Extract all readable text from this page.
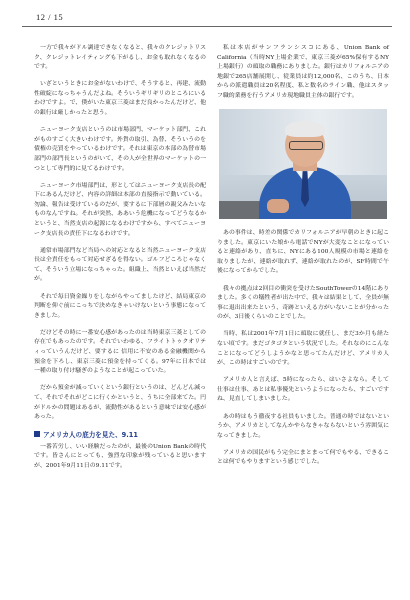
12 / 15

一方で我々がドル調達できなくなると、我々のクレジットリスク、クレジットレイティングも下がるし、お金も取れなくなるのです。

いざというときにお金がないわけで、そうすると、再建、流動性破綻になっちゃうんだよね。そういうギリギリのところにいるわけですよ。で、僕がいた東京三菱はまだ良かったんだけど、他の銀行は厳しかったと思う。

ニューヨーク支店というのは市場部門、マーケット部門、これがものすごく大きいわけです。外貨の取引、為替、そういうのを債権の売買をやっているわけです。それは東京の本部の為替市場部門の部門長というのがいて、その人が全世界のマーケットの一つとして専門的に見てるわけです。

ニューヨーク市場部門は、形としてはニューヨーク支店長の配下にあるんだけど、内容の詳細は本部の直接指示で動いている。勿論、報告は受けているのだが、要するに下部層の親父みたいなものなんですね。それが突然、ああいう危機になってどうなるかというと、当然支店の起源になるわけですから、すべてニューヨーク支店長の責任下になるわけです。

通常市場部門など当局への対応となると当然ニューヨーク支店長は全責任をもって対応せざるを得ない。ゴルフどころじゃなくて、そういう立場になっちゃった。組織上、当然といえば当然だが。

それで毎日資金繰りをしながらやってましたけど、結局東京の判断を仰ぐ前にこっちで決めなきゃいけないという事態になってきました。

だけどその時に一番安心感があったのは当時東京三菱としての存在でもあったのです。それでいわゆる、フライトトゥクオリティっていうんだけど、要するに 信用に不安のある金融機関から預金を下ろし、東京三菱に預金を持ってくる。97年に日本では一種の取り付け騒ぎのようなことが起こっていた。

だから預金が減っていくという銀行というのは、どんどん減って、それでそれがどこに行くかというと、うちに全部来てた。円がドルかの問題はあるが、流動性があるという意味では安心感があった。

アメリカ人の底力を見た、9.11

一番苦労し、いい経験だったのが、最後のUnion Bankの時代です。皆さんにとっても、強烈な印象が残っていると思いますが、2001年9月11日の9.11です。

私は本店がサンフランシスコにある、Union Bank of California（当時NY上場企業で、東京三菱が65%保有するNY上場銀行）の頭取の職務にありました。銀行はカリフォルニアの地銀で265店舗展開し、従業員は約12,000名、このうち、日本からの派遣職員は20名程度、私と数名のライン職、他はスタッフ職的業務を行うアメリカ現地職員主体の銀行です。

あの事件は、時差の関係でカリフォルニアが早朝のときに起こりました。東京にいた娘から電話でNYが大変なことになっていると連絡があり、直ちに、NYにある100人規模の市場と連絡を取りましたが、連絡が取れず、連絡が取れたのが、SF時間で午後になってからでした。

我々の拠点は2回目の衝突を受けたSouthTowerの14階にありました。多くの犠牲者が出た中で、我々は結果として、全員が無事に退出出来たという、奇跡といえる方がいないことが分かったのが、3日後くらいのことでした。

当時、私は2001年7月1日に頭取に就任し、まだ3か月も経たない頃です。まだゴタゴタという状況でした。それなのにこんなことになってどうしようかなと思ってたんだけど、アメリカ人が、この時はすごいのです。

アメリカ人と言えば、5時になったら、はいさよなら。そして仕事は仕事、あとは私事優先というようになったら、すごいですね、見直してしまいました。

あの時はもう徹夜する社員もいました。普通の時ではないというか、アメリカとしてなんかやらなきゃならないという雰囲気になってきました。

アメリカの国民がもう完全にまとまって何でもやる、できることは何でもやりますという感じでした。
